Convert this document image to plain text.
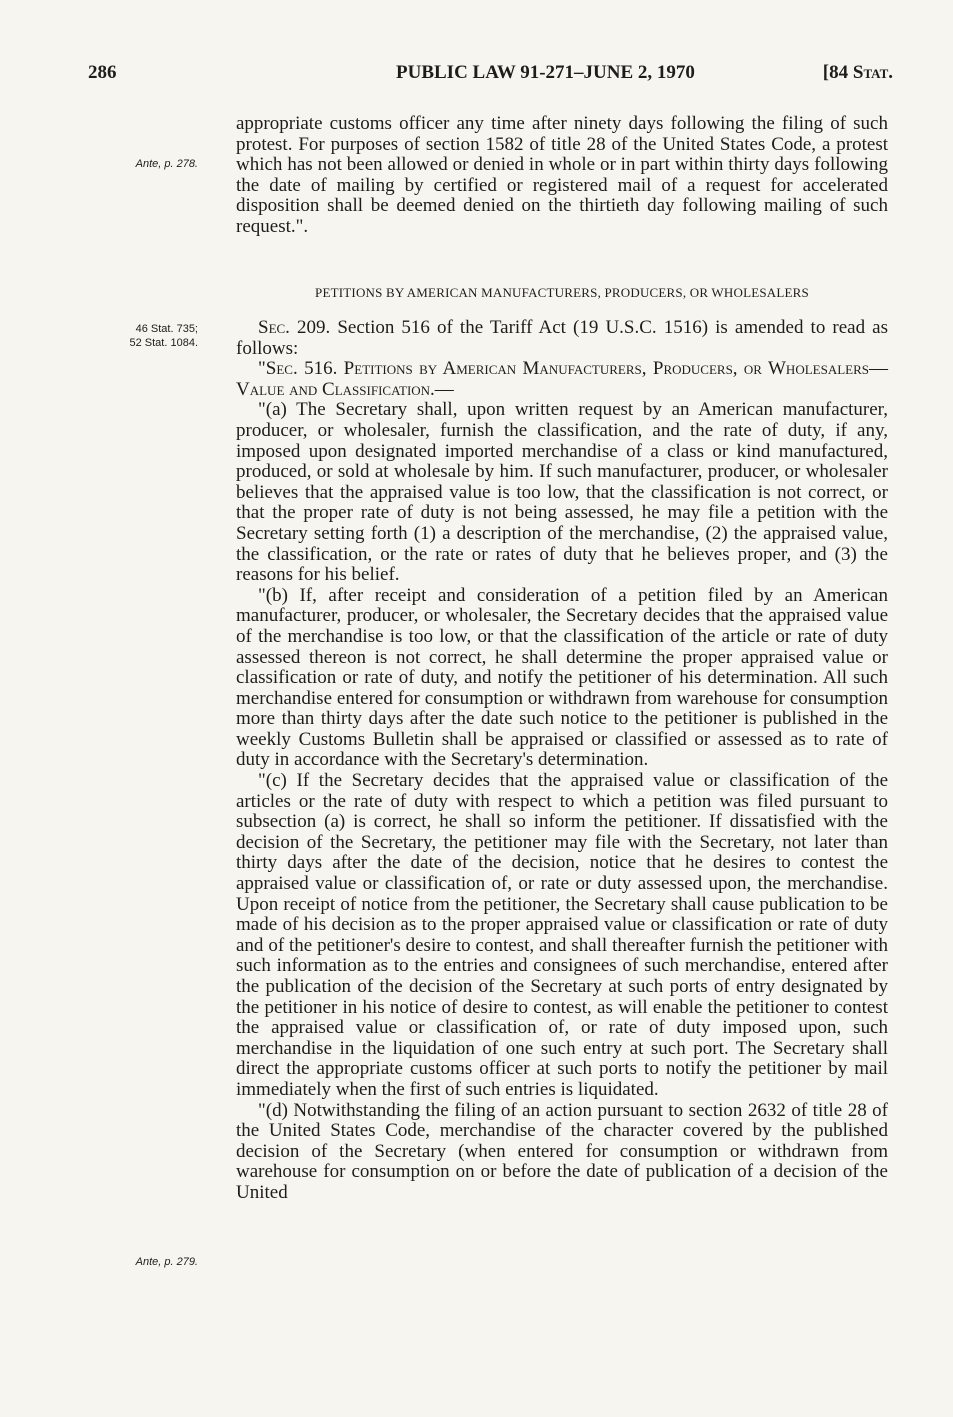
286	PUBLIC LAW 91-271–JUNE 2, 1970	[84 Stat.
Ante, p. 278.
46 Stat. 735;
52 Stat. 1084.
Ante, p. 279.

appropriate customs officer any time after ninety days following the filing of such protest. For purposes of section 1582 of title 28 of the United States Code, a protest which has not been allowed or denied in whole or in part within thirty days following the date of mailing by certified or registered mail of a request for accelerated disposition shall be deemed denied on the thirtieth day following mailing of such request.".

PETITIONS BY AMERICAN MANUFACTURERS, PRODUCERS, OR WHOLESALERS

Sec. 209. Section 516 of the Tariff Act (19 U.S.C. 1516) is amended to read as follows:

"Sec. 516. Petitions by American Manufacturers, Producers, or Wholesalers—Value and Classification.—

"(a) The Secretary shall, upon written request by an American manufacturer, producer, or wholesaler, furnish the classification, and the rate of duty, if any, imposed upon designated imported merchandise of a class or kind manufactured, produced, or sold at wholesale by him. If such manufacturer, producer, or wholesaler believes that the appraised value is too low, that the classification is not correct, or that the proper rate of duty is not being assessed, he may file a petition with the Secretary setting forth (1) a description of the merchandise, (2) the appraised value, the classification, or the rate or rates of duty that he believes proper, and (3) the reasons for his belief.

"(b) If, after receipt and consideration of a petition filed by an American manufacturer, producer, or wholesaler, the Secretary decides that the appraised value of the merchandise is too low, or that the classification of the article or rate of duty assessed thereon is not correct, he shall determine the proper appraised value or classification or rate of duty, and notify the petitioner of his determination. All such merchandise entered for consumption or withdrawn from warehouse for consumption more than thirty days after the date such notice to the petitioner is published in the weekly Customs Bulletin shall be appraised or classified or assessed as to rate of duty in accordance with the Secretary's determination.

"(c) If the Secretary decides that the appraised value or classification of the articles or the rate of duty with respect to which a petition was filed pursuant to subsection (a) is correct, he shall so inform the petitioner. If dissatisfied with the decision of the Secretary, the petitioner may file with the Secretary, not later than thirty days after the date of the decision, notice that he desires to contest the appraised value or classification of, or rate or duty assessed upon, the merchandise. Upon receipt of notice from the petitioner, the Secretary shall cause publication to be made of his decision as to the proper appraised value or classification or rate of duty and of the petitioner's desire to contest, and shall thereafter furnish the petitioner with such information as to the entries and consignees of such merchandise, entered after the publication of the decision of the Secretary at such ports of entry designated by the petitioner in his notice of desire to contest, as will enable the petitioner to contest the appraised value or classification of, or rate of duty imposed upon, such merchandise in the liquidation of one such entry at such port. The Secretary shall direct the appropriate customs officer at such ports to notify the petitioner by mail immediately when the first of such entries is liquidated.

"(d) Notwithstanding the filing of an action pursuant to section 2632 of title 28 of the United States Code, merchandise of the character covered by the published decision of the Secretary (when entered for consumption or withdrawn from warehouse for consumption on or before the date of publication of a decision of the United
